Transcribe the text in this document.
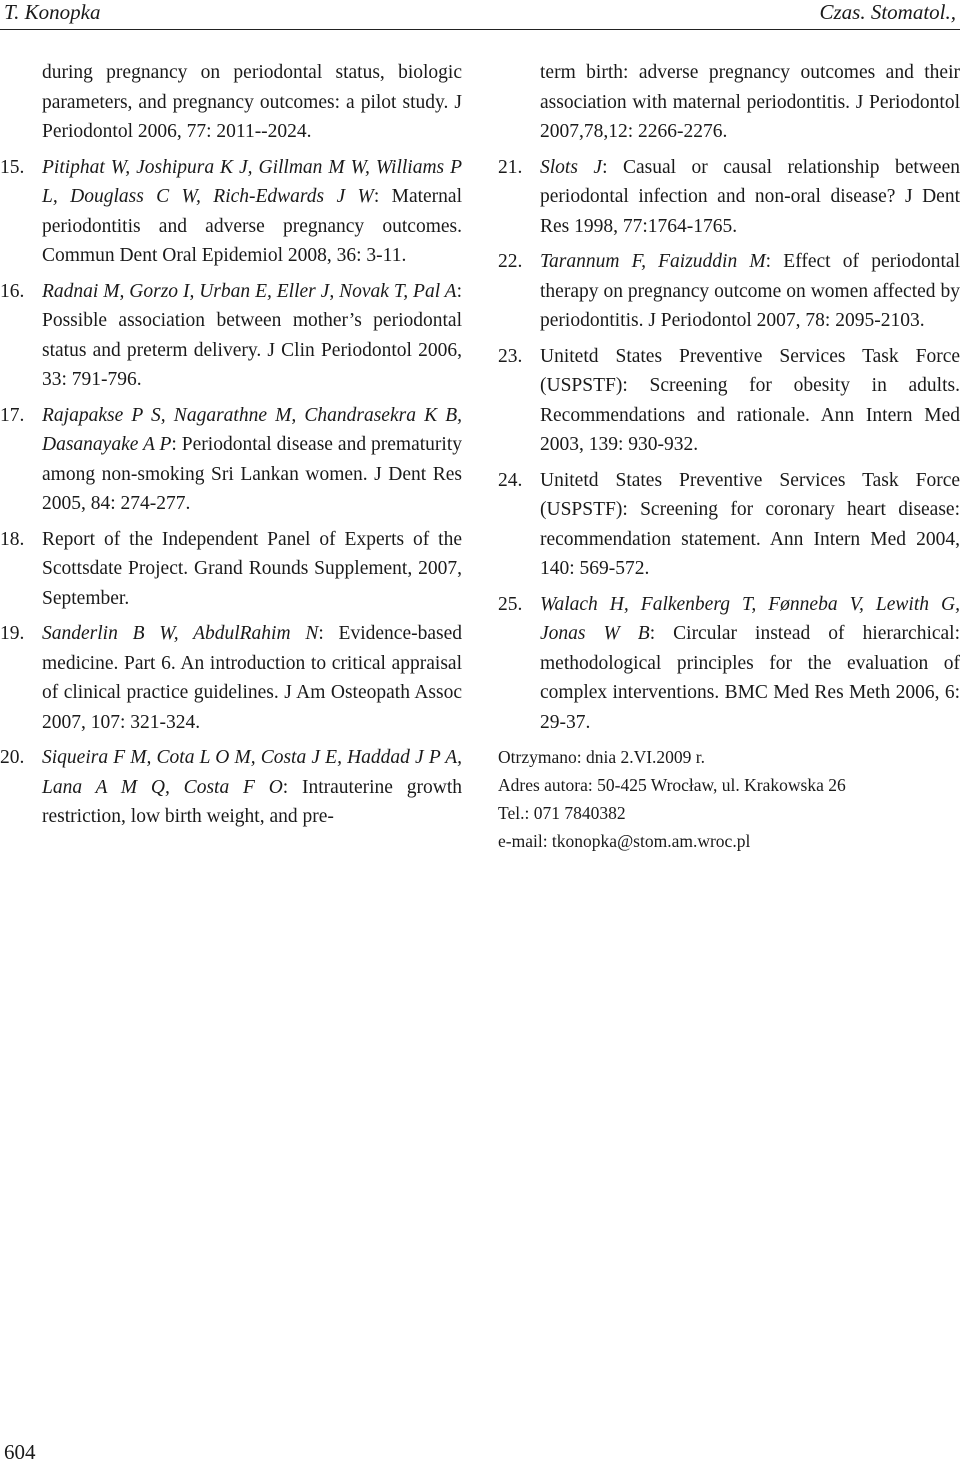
T. Konopka	Czas. Stomatol.,
during pregnancy on periodontal status, biologic parameters, and pregnancy outcomes: a pilot study. J Periodontol 2006, 77: 2011--2024.
15. Pitiphat W, Joshipura K J, Gillman M W, Williams P L, Douglass C W, Rich-Edwards J W: Maternal periodontitis and adverse pregnancy outcomes. Commun Dent Oral Epidemiol 2008, 36: 3-11.
16. Radnai M, Gorzo I, Urban E, Eller J, Novak T, Pal A: Possible association between mother’s periodontal status and preterm delivery. J Clin Periodontol 2006, 33: 791-796.
17. Rajapakse P S, Nagarathne M, Chandrasekra K B, Dasanayake A P: Periodontal disease and prematurity among non-smoking Sri Lankan women. J Dent Res 2005, 84: 274-277.
18. Report of the Independent Panel of Experts of the Scottsdate Project. Grand Rounds Supplement, 2007, September.
19. Sanderlin B W, AbdulRahim N: Evidence-based medicine. Part 6. An introduction to critical appraisal of clinical practice guidelines. J Am Osteopath Assoc 2007, 107: 321-324.
20. Siqueira F M, Cota L O M, Costa J E, Haddad J P A, Lana A M Q, Costa F O: Intrauterine growth restriction, low birth weight, and pre-
term birth: adverse pregnancy outcomes and their association with maternal periodontitis. J Periodontol 2007,78,12: 2266-2276.
21. Slots J: Casual or causal relationship between periodontal infection and non-oral disease? J Dent Res 1998, 77:1764-1765.
22. Tarannum F, Faizuddin M: Effect of periodontal therapy on pregnancy outcome on women affected by periodontitis. J Periodontol 2007, 78: 2095-2103.
23. Unitetd States Preventive Services Task Force (USPSTF): Screening for obesity in adults. Recommendations and rationale. Ann Intern Med 2003, 139: 930-932.
24. Unitetd States Preventive Services Task Force (USPSTF): Screening for coronary heart disease: recommendation statement. Ann Intern Med 2004, 140: 569-572.
25. Walach H, Falkenberg T, Fønneba V, Lewith G, Jonas W B: Circular instead of hierarchical: methodological principles for the evaluation of complex interventions. BMC Med Res Meth 2006, 6: 29-37.
Otrzymano: dnia 2.VI.2009 r.
Adres autora: 50-425 Wrocław, ul. Krakowska 26
Tel.: 071 7840382
e-mail: tkonopka@stom.am.wroc.pl
604
